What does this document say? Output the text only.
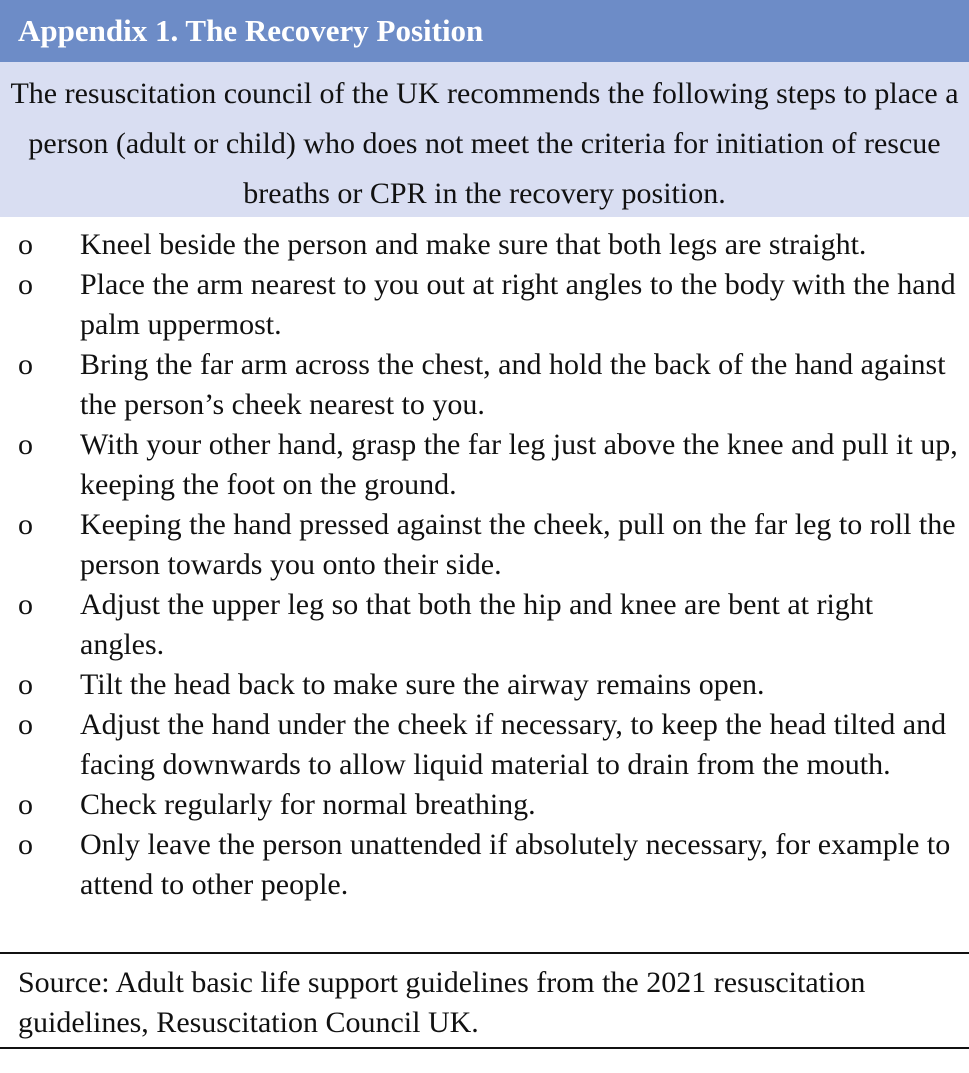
Appendix 1. The Recovery Position
The resuscitation council of the UK recommends the following steps to place a person (adult or child) who does not meet the criteria for initiation of rescue breaths or CPR in the recovery position.
o Kneel beside the person and make sure that both legs are straight.
o Place the arm nearest to you out at right angles to the body with the hand palm uppermost.
o Bring the far arm across the chest, and hold the back of the hand against the person’s cheek nearest to you.
o With your other hand, grasp the far leg just above the knee and pull it up, keeping the foot on the ground.
o Keeping the hand pressed against the cheek, pull on the far leg to roll the person towards you onto their side.
o Adjust the upper leg so that both the hip and knee are bent at right angles.
o Tilt the head back to make sure the airway remains open.
o Adjust the hand under the cheek if necessary, to keep the head tilted and facing downwards to allow liquid material to drain from the mouth.
o Check regularly for normal breathing.
o Only leave the person unattended if absolutely necessary, for example to attend to other people.
Source: Adult basic life support guidelines from the 2021 resuscitation guidelines, Resuscitation Council UK.
